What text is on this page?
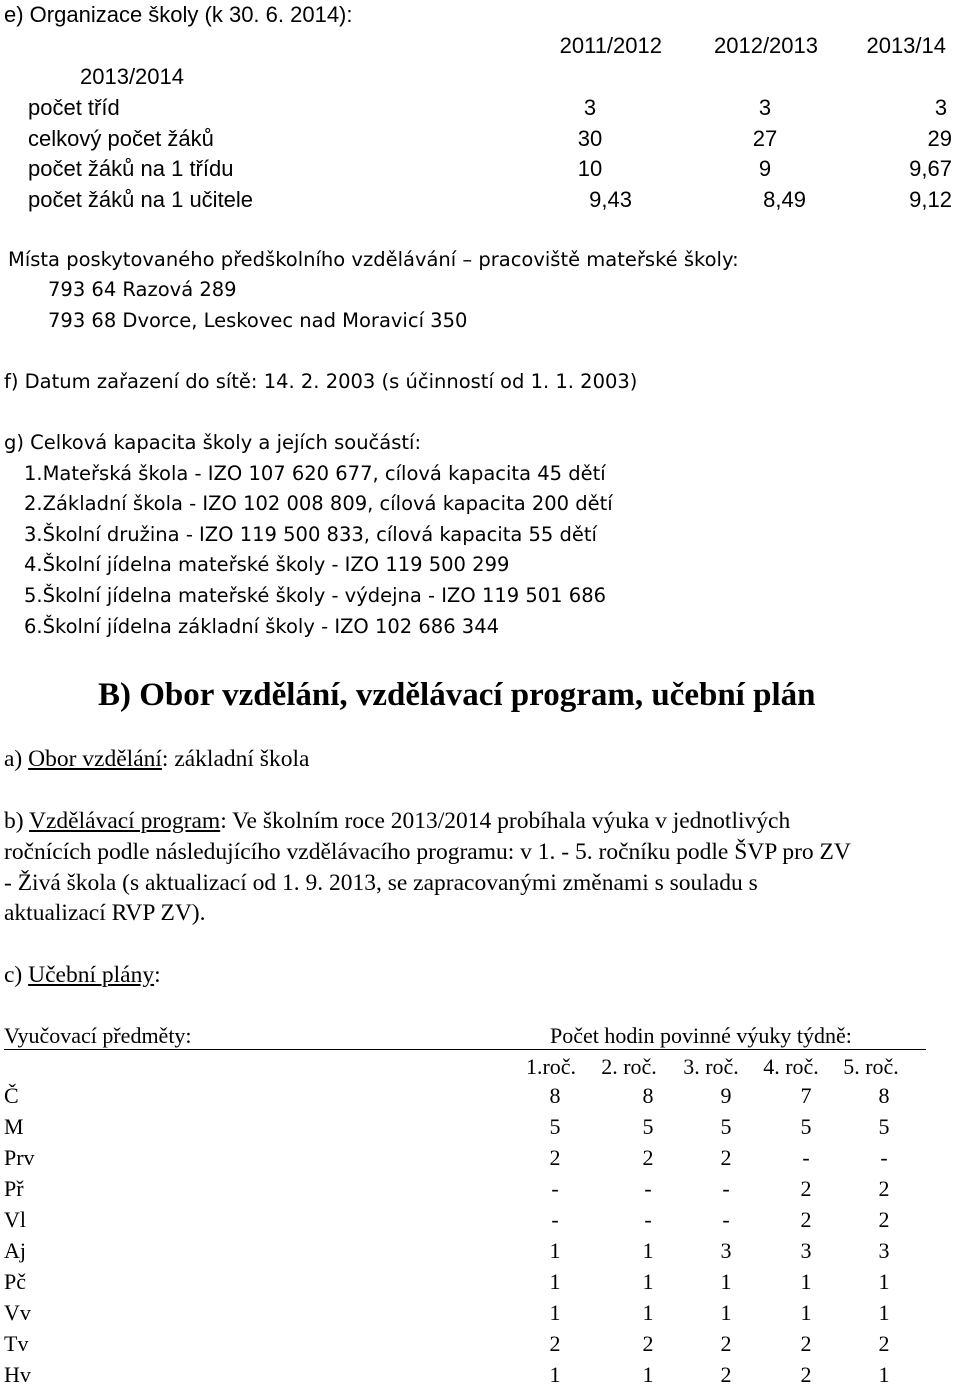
e) Organizace školy (k 30. 6. 2014):
2011/2012	2012/2013	2013/14
2013/2014
počet tříd	3	3	3
celkový počet žáků	30	27	29
počet žáků na 1 třídu	10	9	9,67
počet žáků na 1 učitele	9,43	8,49	9,12
Místa poskytovaného předškolního vzdělávání – pracoviště mateřské školy:
793 64 Razová 289
793 68 Dvorce, Leskovec nad Moravicí 350
f) Datum zařazení do sítě: 14. 2. 2003 (s účinností od 1. 1. 2003)
g) Celková kapacita školy a jejích součástí:
1.Mateřská škola - IZO 107 620 677, cílová kapacita 45 dětí
2.Základní škola - IZO 102 008 809, cílová kapacita 200 dětí
3.Školní družina - IZO 119 500 833, cílová kapacita 55 dětí
4.Školní jídelna mateřské školy - IZO 119 500 299
5.Školní jídelna mateřské školy - výdejna - IZO 119 501 686
6.Školní jídelna základní školy - IZO 102 686 344
B) Obor vzdělání, vzdělávací program, učební plán
a) Obor vzdělání: základní škola
b) Vzdělávací program: Ve školním roce 2013/2014 probíhala výuka v jednotlivých
ročnících podle následujícího vzdělávacího programu: v 1. - 5. ročníku podle ŠVP pro ZV
- Živá škola (s aktualizací od 1. 9. 2013, se zapracovanými změnami s souladu s
aktualizací RVP ZV).
c) Učební plány:
Vyučovací předměty:	Počet hodin povinné výuky týdně:
1.roč.	2. roč.	3. roč.	4. roč.	5. roč.
Č	8	8	9	7	8
M	5	5	5	5	5
Prv	2	2	2	-	-
Př	-	-	-	2	2
Vl	-	-	-	2	2
Aj	1	1	3	3	3
Pč	1	1	1	1	1
Vv	1	1	1	1	1
Tv	2	2	2	2	2
Hv	1	1	2	2	1
